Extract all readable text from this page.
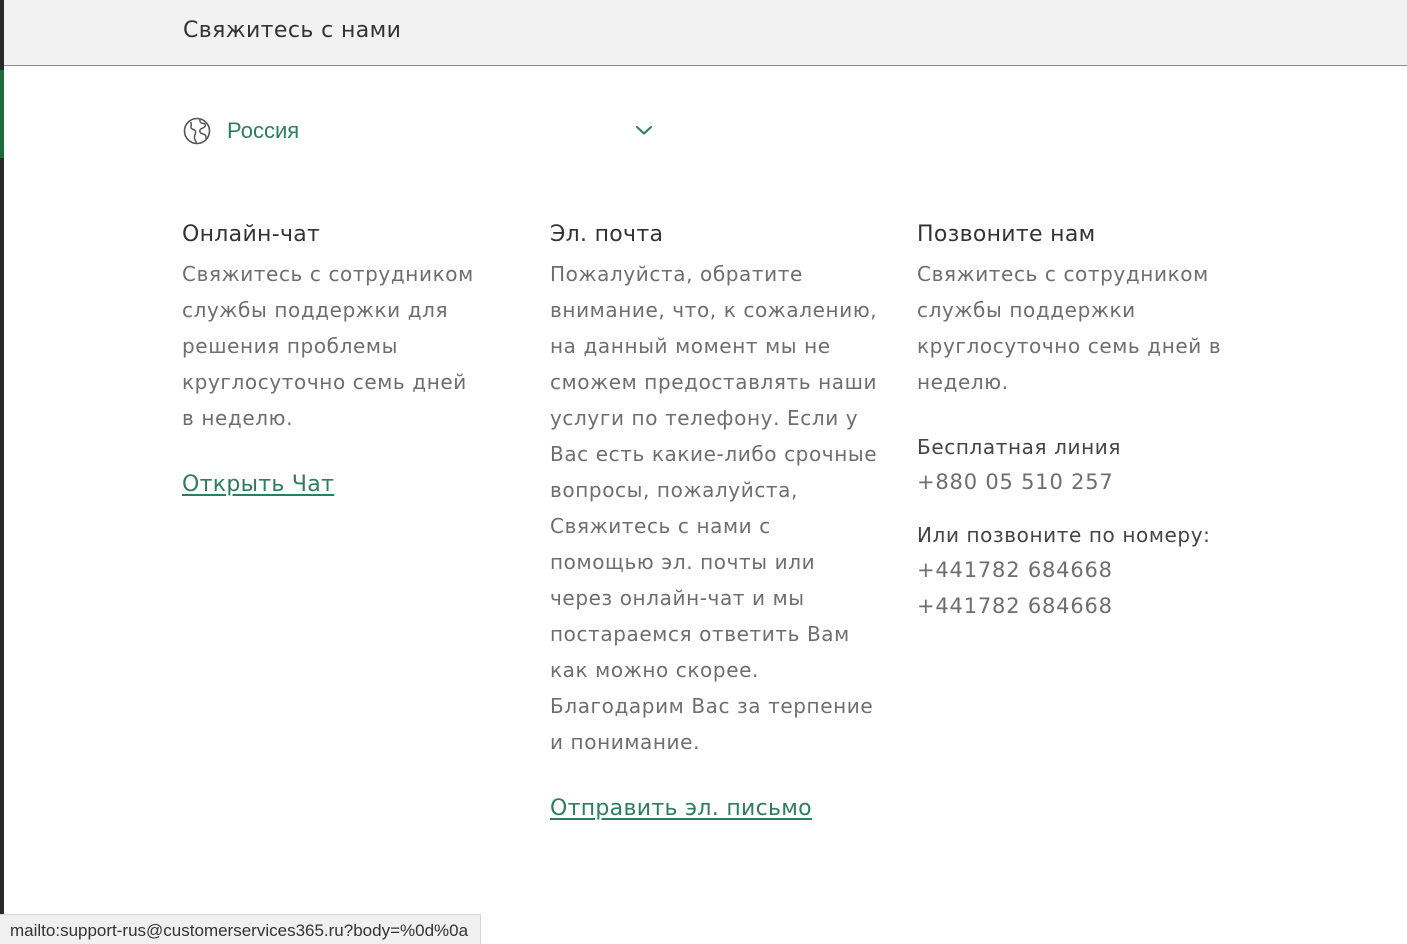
Свяжитесь с нами
Россия
Онлайн-чат

Свяжитесь с сотрудником службы поддержки для решения проблемы круглосуточно семь дней в неделю.

Открыть Чат
Эл. почта

Пожалуйста, обратите внимание, что, к сожалению, на данный момент мы не сможем предоставлять наши услуги по телефону. Если у Вас есть какие-либо срочные вопросы, пожалуйста, Свяжитесь с нами с помощью эл. почты или через онлайн-чат и мы постараемся ответить Вам как можно скорее. Благодарим Вас за терпение и понимание.

Отправить эл. письмо
Позвоните нам

Свяжитесь с сотрудником службы поддержки круглосуточно семь дней в неделю.

Бесплатная линия
+880 05 510 257
Или позвоните по номеру:
+441782 684668
+441782 684668
mailto:support-rus@customerservices365.ru?body=%0d%0a
